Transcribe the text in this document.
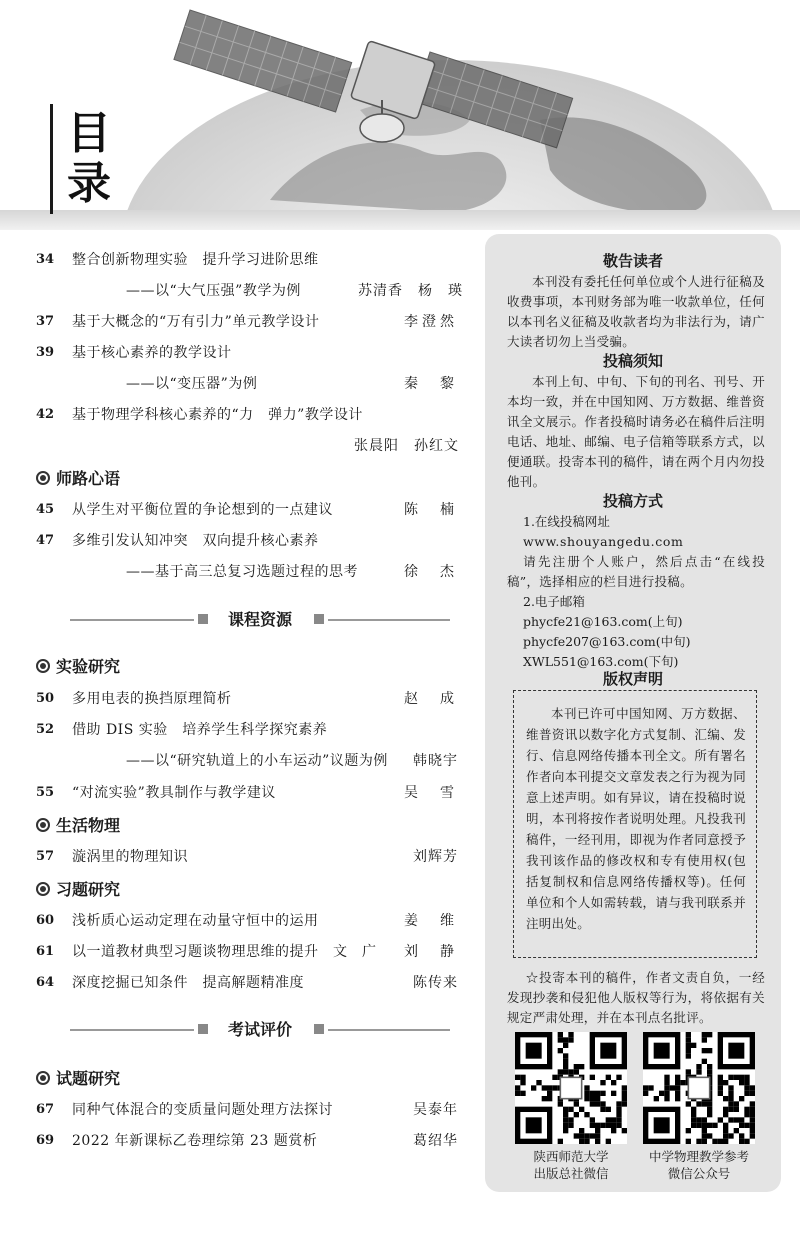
目
录
34	整合创新物理实验　提升学习进阶思维
——以“大气压强”教学为例	苏清香　杨　瑛
37	基于大概念的“万有引力”单元教学设计	李澄然
39	基于核心素养的教学设计
——以“变压器”为例	秦　黎
42	基于物理学科核心素养的“力　弹力”教学设计
张晨阳　孙红文
师路心语
45	从学生对平衡位置的争论想到的一点建议	陈　楠
47	多维引发认知冲突　双向提升核心素养
——基于高三总复习选题过程的思考	徐　杰
课程资源
实验研究
50	多用电表的换挡原理简析	赵　成
52	借助 DIS 实验　培养学生科学探究素养
——以“研究轨道上的小车运动”议题为例 韩晓宇
55	“对流实验”教具制作与教学建议	吴　雪
生活物理
57	漩涡里的物理知识	刘辉芳
习题研究
60	浅析质心运动定理在动量守恒中的运用	姜　维
61	以一道教材典型习题谈物理思维的提升　文　广 刘　静
64	深度挖掘已知条件　提高解题精准度	陈传来
考试评价
试题研究
67	同种气体混合的变质量问题处理方法探讨	吴泰年
69	2022 年新课标乙卷理综第 23 题赏析	葛绍华
敬告读者
本刊没有委托任何单位或个人进行征稿及收费事项，本刊财务部为唯一收款单位，任何以本刊名义征稿及收款者均为非法行为，请广大读者切勿上当受骗。
投稿须知
本刊上旬、中旬、下旬的刊名、刊号、开本均一致，并在中国知网、万方数据、维普资讯全文展示。作者投稿时请务必在稿件后注明电话、地址、邮编、电子信箱等联系方式，以便通联。投寄本刊的稿件，请在两个月内勿投他刊。
投稿方式
1.在线投稿网址
www.shouyangedu.com
请先注册个人账户，然后点击“在线投稿”，选择相应的栏目进行投稿。
2.电子邮箱
phycfe21@163.com(上旬)
phycfe207@163.com(中旬)
XWL551@163.com(下旬)
版权声明
本刊已许可中国知网、万方数据、维普资讯以数字化方式复制、汇编、发行、信息网络传播本刊全文。所有署名作者向本刊提交文章发表之行为视为同意上述声明。如有异议，请在投稿时说明，本刊将按作者说明处理。凡投我刊稿件，一经刊用，即视为作者同意授予我刊该作品的修改权和专有使用权(包括复制权和信息网络传播权等)。任何单位和个人如需转载，请与我刊联系并注明出处。
☆投寄本刊的稿件，作者文责自负，一经发现抄袭和侵犯他人版权等行为，将依据有关规定严肃处理，并在本刊点名批评。
陕西师范大学
出版总社微信
中学物理教学参考
微信公众号
